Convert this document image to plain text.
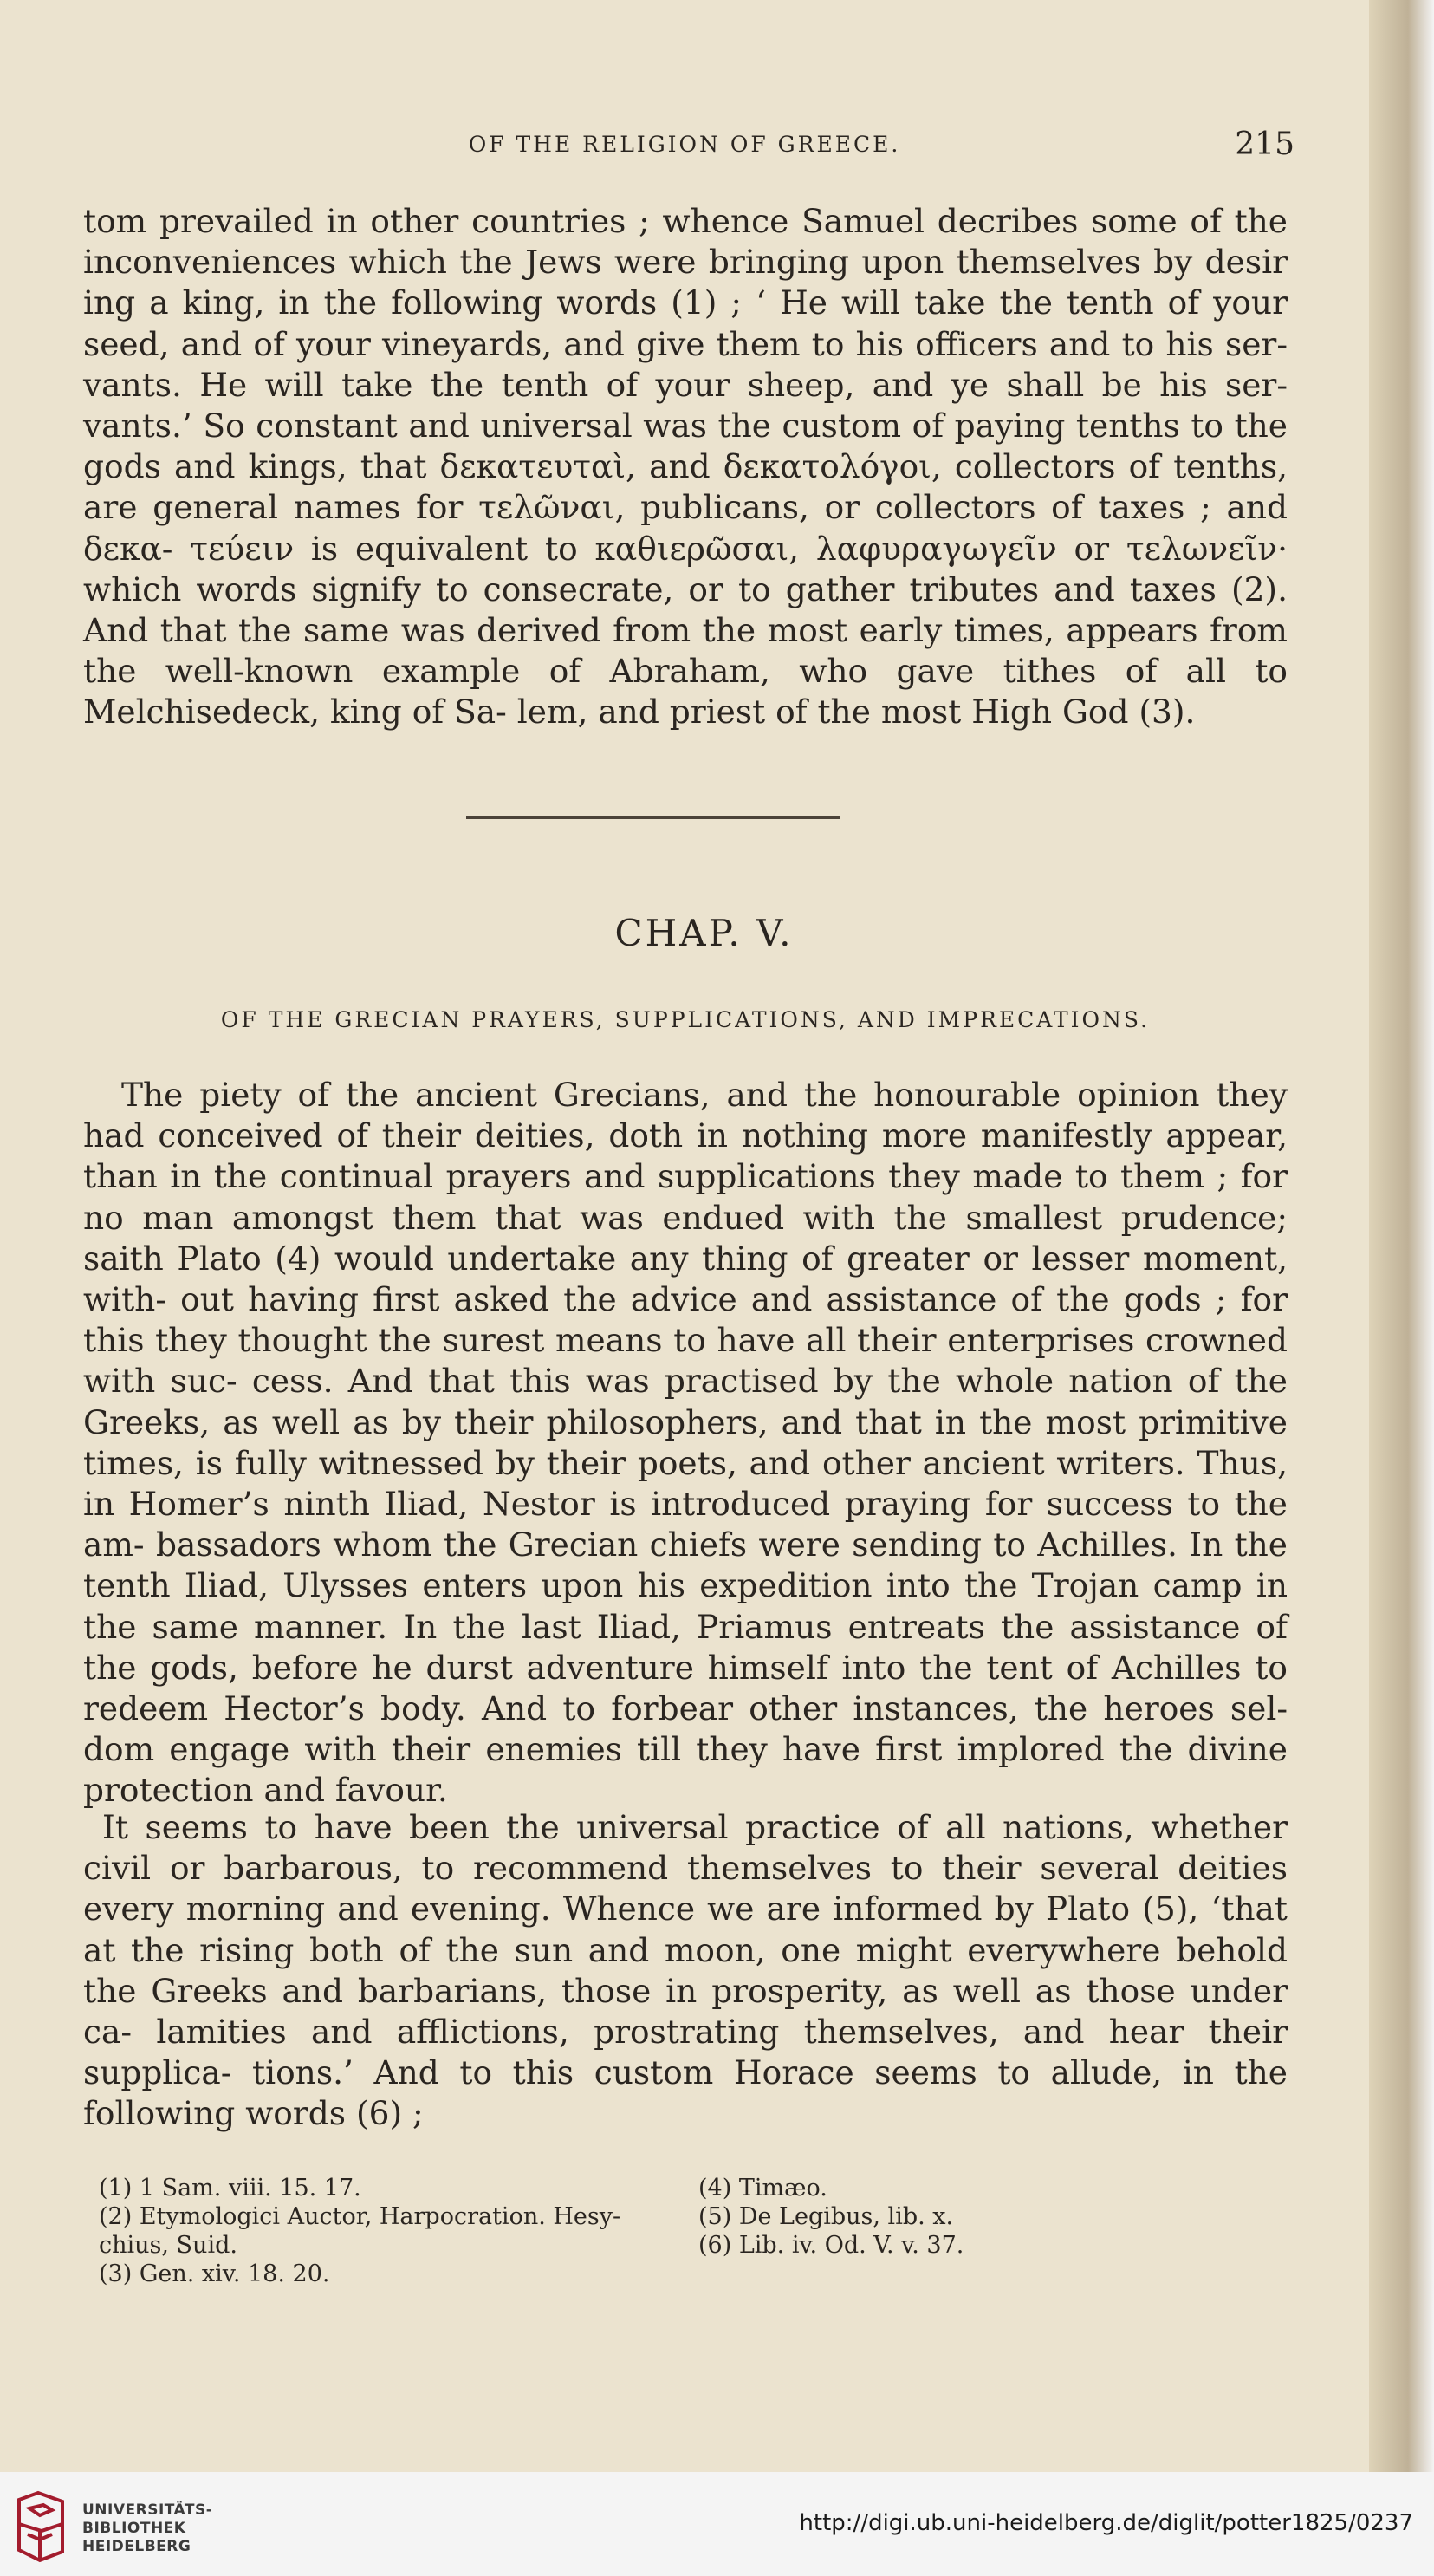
OF THE RELIGION OF GREECE.	215

tom prevailed in other countries ; whence Samuel decribes some of the inconveniences which the Jews were bringing upon themselves by desir ing a king, in the following words (1) ; ‘ He will take the tenth of your seed, and of your vineyards, and give them to his officers and to his ser- vants. He will take the tenth of your sheep, and ye shall be his ser- vants.’ So constant and universal was the custom of paying tenths to the gods and kings, that δεκατευταὶ, and δεκατολόγοι, collectors of tenths, are general names for τελῶναι, publicans, or collectors of taxes ; and δεκα- τεύειν is equivalent to καθιερῶσαι, λαφυραγωγεῖν or τελωνεῖν· which words signify to consecrate, or to gather tributes and taxes (2). And that the same was derived from the most early times, appears from the well-known example of Abraham, who gave tithes of all to Melchisedeck, king of Sa- lem, and priest of the most High God (3).

CHAP. V.
OF THE GRECIAN PRAYERS, SUPPLICATIONS, AND IMPRECATIONS.

The piety of the ancient Grecians, and the honourable opinion they had conceived of their deities, doth in nothing more manifestly appear, than in the continual prayers and supplications they made to them ; for no man amongst them that was endued with the smallest prudence; saith Plato (4) would undertake any thing of greater or lesser moment, with- out having first asked the advice and assistance of the gods ; for this they thought the surest means to have all their enterprises crowned with suc- cess. And that this was practised by the whole nation of the Greeks, as well as by their philosophers, and that in the most primitive times, is fully witnessed by their poets, and other ancient writers. Thus, in Homer’s ninth Iliad, Nestor is introduced praying for success to the am- bassadors whom the Grecian chiefs were sending to Achilles. In the tenth Iliad, Ulysses enters upon his expedition into the Trojan camp in the same manner. In the last Iliad, Priamus entreats the assistance of the gods, before he durst adventure himself into the tent of Achilles to redeem Hector’s body. And to forbear other instances, the heroes sel- dom engage with their enemies till they have first implored the divine protection and favour.

It seems to have been the universal practice of all nations, whether civil or barbarous, to recommend themselves to their several deities every morning and evening. Whence we are informed by Plato (5), ‘that at the rising both of the sun and moon, one might everywhere behold the Greeks and barbarians, those in prosperity, as well as those under ca- lamities and afflictions, prostrating themselves, and hear their supplica- tions.’ And to this custom Horace seems to allude, in the following words (6) ;

(1) 1 Sam. viii. 15. 17.
(2) Etymologici Auctor, Harpocration. Hesy-
chius, Suid.
(3) Gen. xiv. 18. 20.
(4) Timæo.
(5) De Legibus, lib. x.
(6) Lib. iv. Od. V. v. 37.
UNIVERSITÄTS-
BIBLIOTHEK
HEIDELBERG
http://digi.ub.uni-heidelberg.de/diglit/potter1825/0237
